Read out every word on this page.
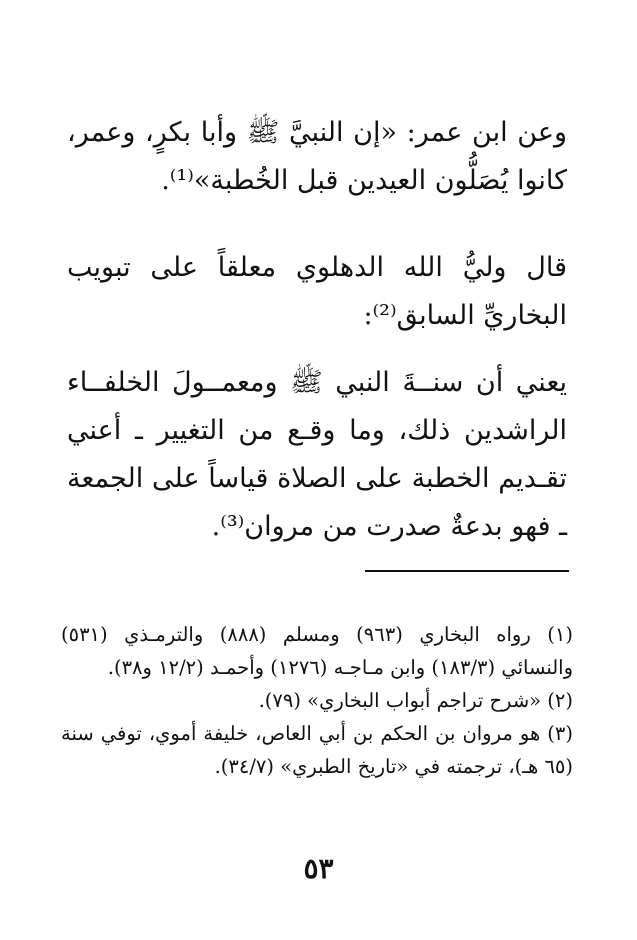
وعن ابن عمر: «إن النبيَّ ﷺ وأبا بكرٍ، وعمر، كانوا يُصَلُّون العيدين قبل الخُطبة»⁽¹⁾.

قال وليُّ الله الدهلوي معلقاً على تبويب البخاريِّ السابق⁽²⁾:

يعني أن سنــةَ النبي ﷺ ومعمــولَ الخلفــاء الراشدين ذلك، وما وقـع من التغيير ـ أعني تقـديم الخطبة على الصلاة قياساً على الجمعة ـ فهو بدعةٌ صدرت من مروان⁽³⁾.

(١) رواه البخاري (٩٦٣) ومسلم (٨٨٨) والترمـذي (٥٣١) والنسائي (١٨٣/٣) وابن مـاجـه (١٢٧٦) وأحمـد (١٢/٢ و٣٨).

(٢) «شرح تراجم أبواب البخاري» (٧٩).

(٣) هو مروان بن الحكم بن أبي العاص، خليفة أموي، توفي سنة (٦٥ هـ)، ترجمته في «تاريخ الطبري» (٣٤/٧).

٥٣
